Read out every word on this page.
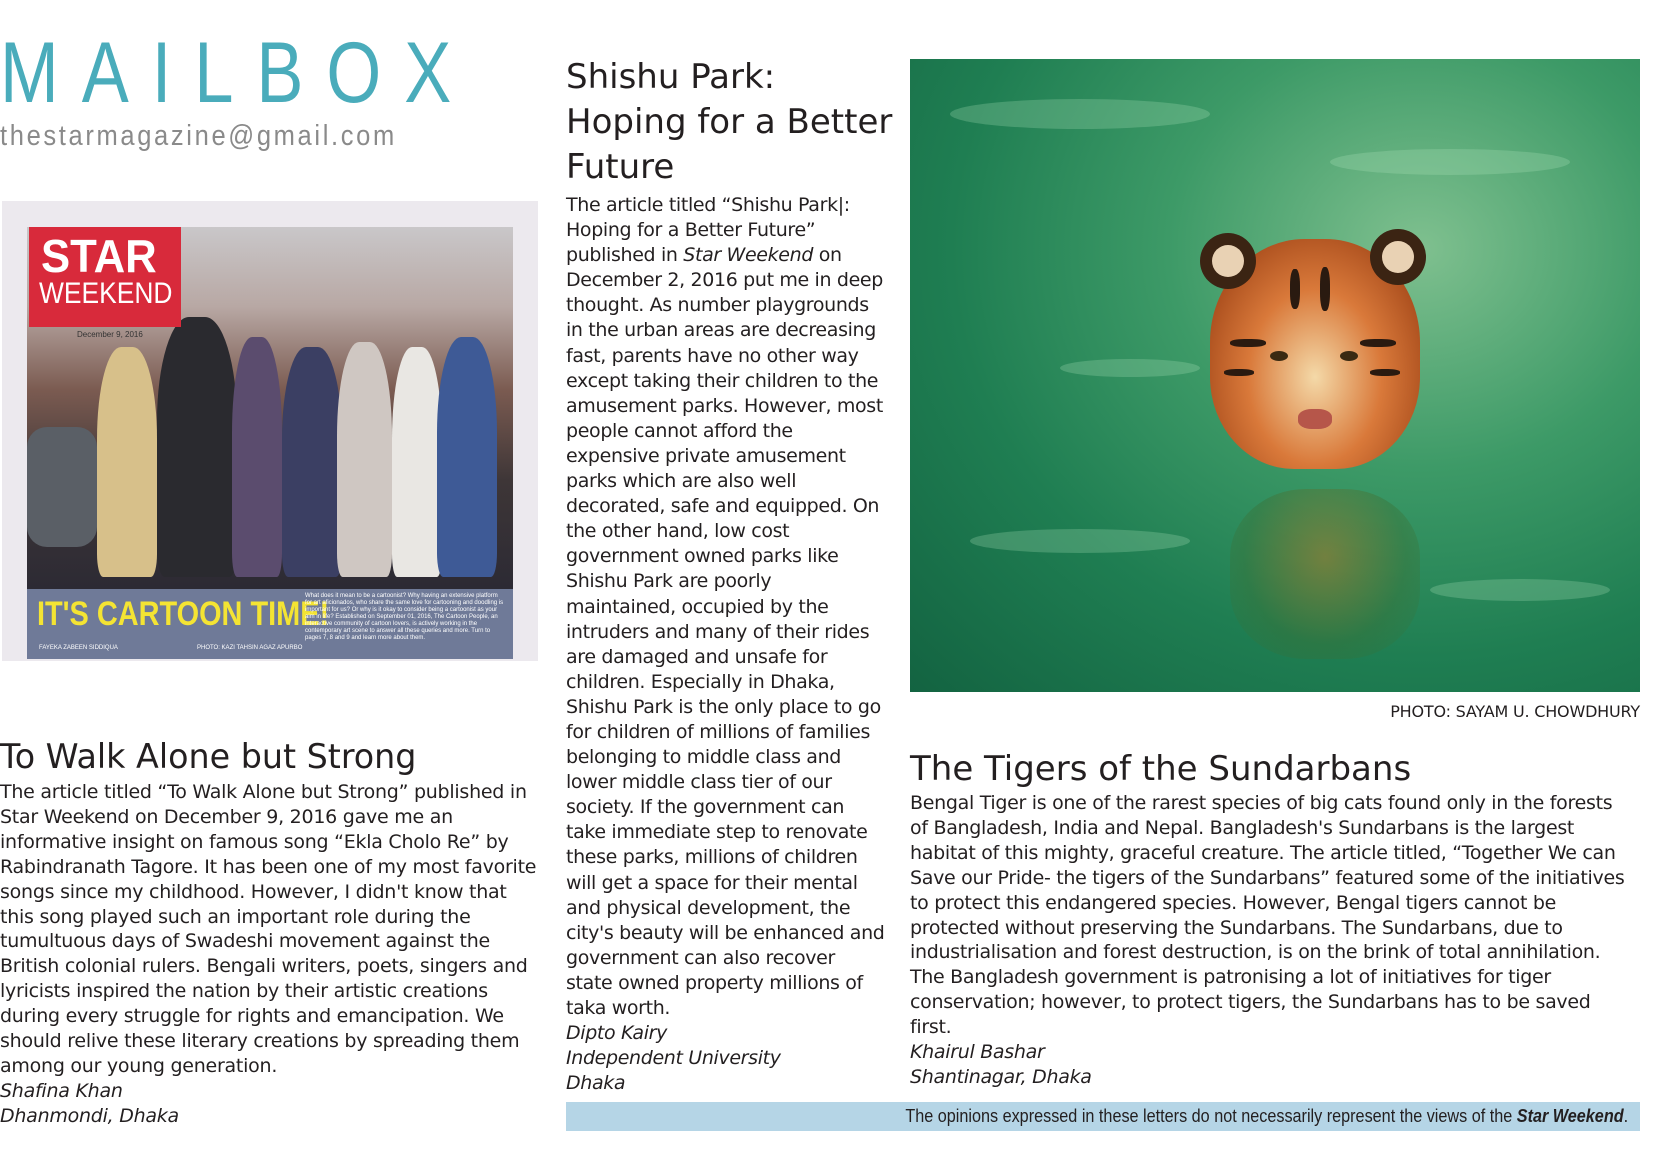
MAILBOX
thestarmagazine@gmail.com
STAR
WEEKEND
December 9, 2016
IT'S CARTOON TIME!
What does it mean to be a cartoonist? Why having an extensive platform for art aficionados, who share the same love for cartooning and doodling is important for us? Or why is it okay to consider being a cartoonist as your aim in life? Established on September 01, 2016, The Cartoon People, an interactive community of cartoon lovers, is actively working in the contemporary art scene to answer all these queries and more. Turn to pages 7, 8 and 9 and learn more about them.
FAYEKA ZABEEN SIDDIQUA	PHOTO: KAZI TAHSIN AGAZ APURBO
To Walk Alone but Strong

The article titled “To Walk Alone but Strong” published in Star Weekend on December 9, 2016 gave me an informative insight on famous song “Ekla Cholo Re” by Rabindranath Tagore. It has been one of my most favorite songs since my childhood. However, I didn't know that this song played such an important role during the tumultuous days of Swadeshi movement against the British colonial rulers. Bengali writers, poets, singers and lyricists inspired the nation by their artistic creations during every struggle for rights and emancipation. We should relive these literary creations by spreading them among our young generation.

Shafina Khan
Dhanmondi, Dhaka
Shishu Park: Hoping for a Better Future

The article titled “Shishu Park|: Hoping for a Better Future” published in Star Weekend on December 2, 2016 put me in deep thought. As number playgrounds in the urban areas are decreasing fast, parents have no other way except taking their children to the amusement parks. However, most people cannot afford the expensive private amusement parks which are also well decorated, safe and equipped. On the other hand, low cost government owned parks like Shishu Park are poorly maintained, occupied by the intruders and many of their rides are damaged and unsafe for children. Especially in Dhaka, Shishu Park is the only place to go for children of millions of families belonging to middle class and lower middle class tier of our society. If the government can take immediate step to renovate these parks, millions of children will get a space for their mental and physical development, the city's beauty will be enhanced and government can also recover state owned property millions of taka worth.

Dipto Kairy
Independent University
Dhaka
PHOTO: SAYAM U. CHOWDHURY
The Tigers of the Sundarbans

Bengal Tiger is one of the rarest species of big cats found only in the forests of Bangladesh, India and Nepal. Bangladesh's Sundarbans is the largest habitat of this mighty, graceful creature. The article titled, “Together We can Save our Pride- the tigers of the Sundarbans” featured some of the initiatives to protect this endangered species. However, Bengal tigers cannot be protected without preserving the Sundarbans. The Sundarbans, due to industrialisation and forest destruction, is on the brink of total annihilation. The Bangladesh government is patronising a lot of initiatives for tiger conservation; however, to protect tigers, the Sundarbans has to be saved first.

Khairul Bashar
Shantinagar, Dhaka
The opinions expressed in these letters do not necessarily represent the views of the Star Weekend.
